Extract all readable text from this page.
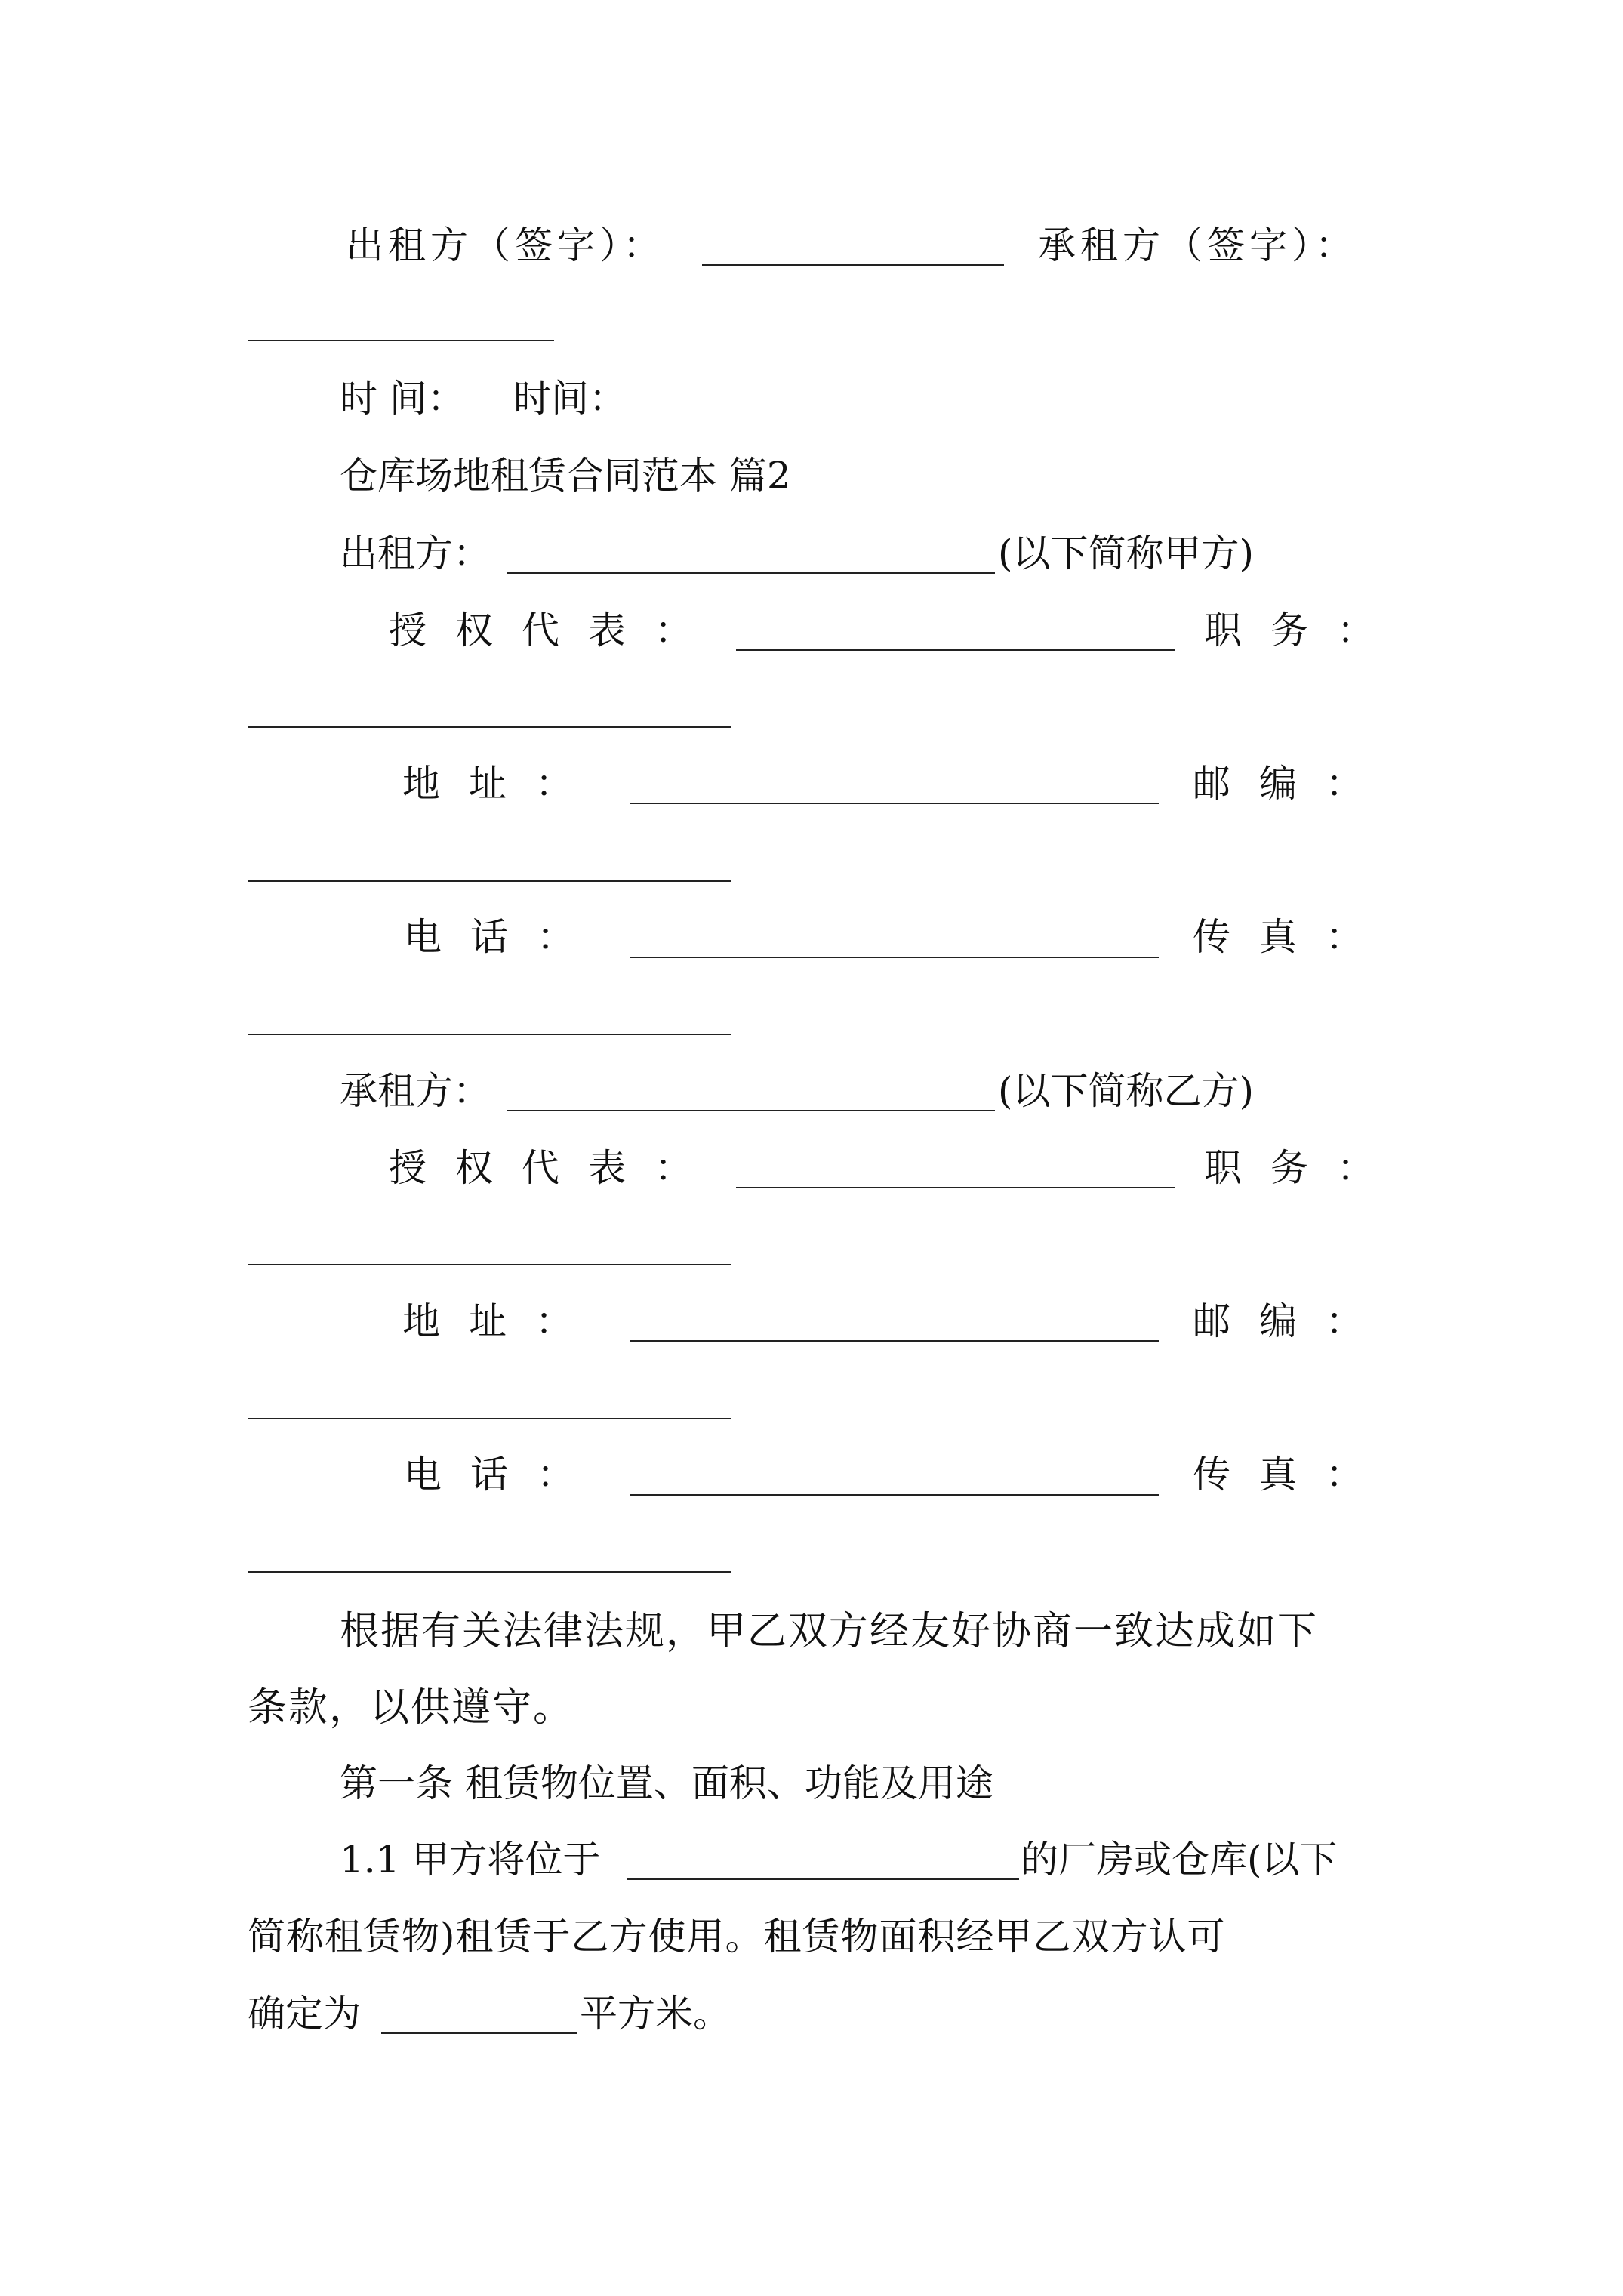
出租方（签字）：	承租方（签字）：
时 间： 时间：
仓库场地租赁合同范本 篇2
出租方：	(以下简称甲方)
授权代表：	职务：
地址：	邮编：
电话：	传真：
承租方：	(以下简称乙方)
授权代表：	职务：
地址：	邮编：
电话：	传真：
根据有关法律法规，甲乙双方经友好协商一致达成如下
条款，以供遵守。
第一条 租赁物位置、面积、功能及用途
1.1 甲方将位于	的厂房或仓库(以下
简称租赁物)租赁于乙方使用。租赁物面积经甲乙双方认可
确定为	平方米。
